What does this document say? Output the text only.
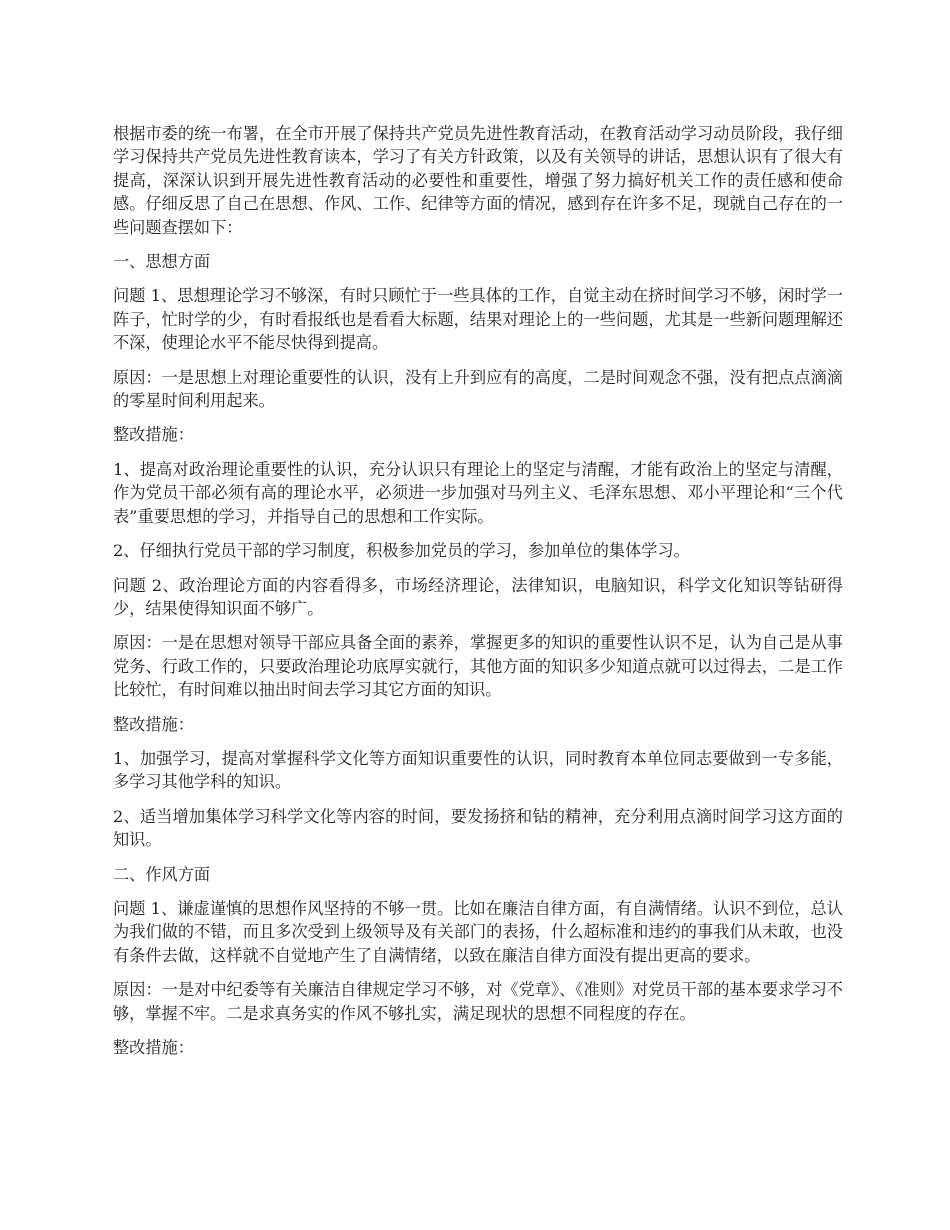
根据市委的统一布署，在全市开展了保持共产党员先进性教育活动，在教育活动学习动员阶段，我仔细学习保持共产党员先进性教育读本，学习了有关方针政策，以及有关领导的讲话，思想认识有了很大有提高，深深认识到开展先进性教育活动的必要性和重要性，增强了努力搞好机关工作的责任感和使命感。仔细反思了自己在思想、作风、工作、纪律等方面的情况，感到存在许多不足，现就自己存在的一些问题查摆如下：

一、思想方面

问题 1、思想理论学习不够深，有时只顾忙于一些具体的工作，自觉主动在挤时间学习不够，闲时学一阵子，忙时学的少，有时看报纸也是看看大标题，结果对理论上的一些问题，尤其是一些新问题理解还不深，使理论水平不能尽快得到提高。

原因：一是思想上对理论重要性的认识，没有上升到应有的高度，二是时间观念不强，没有把点点滴滴的零星时间利用起来。

整改措施：

1、提高对政治理论重要性的认识，充分认识只有理论上的坚定与清醒，才能有政治上的坚定与清醒，作为党员干部必须有高的理论水平，必须进一步加强对马列主义、毛泽东思想、邓小平理论和“三个代表”重要思想的学习，并指导自己的思想和工作实际。

2、仔细执行党员干部的学习制度，积极参加党员的学习，参加单位的集体学习。

问题 2、政治理论方面的内容看得多，市场经济理论，法律知识，电脑知识，科学文化知识等钻研得少，结果使得知识面不够广。

原因：一是在思想对领导干部应具备全面的素养，掌握更多的知识的重要性认识不足，认为自己是从事党务、行政工作的，只要政治理论功底厚实就行，其他方面的知识多少知道点就可以过得去，二是工作比较忙，有时间难以抽出时间去学习其它方面的知识。

整改措施：

1、加强学习，提高对掌握科学文化等方面知识重要性的认识，同时教育本单位同志要做到一专多能，多学习其他学科的知识。

2、适当增加集体学习科学文化等内容的时间，要发扬挤和钻的精神，充分利用点滴时间学习这方面的知识。

二、作风方面

问题 1、谦虚谨慎的思想作风坚持的不够一贯。比如在廉洁自律方面，有自满情绪。认识不到位，总认为我们做的不错，而且多次受到上级领导及有关部门的表扬，什么超标准和违约的事我们从未敢，也没有条件去做，这样就不自觉地产生了自满情绪，以致在廉洁自律方面没有提出更高的要求。

原因：一是对中纪委等有关廉洁自律规定学习不够，对《党章》、《准则》对党员干部的基本要求学习不够，掌握不牢。二是求真务实的作风不够扎实，满足现状的思想不同程度的存在。

整改措施：
